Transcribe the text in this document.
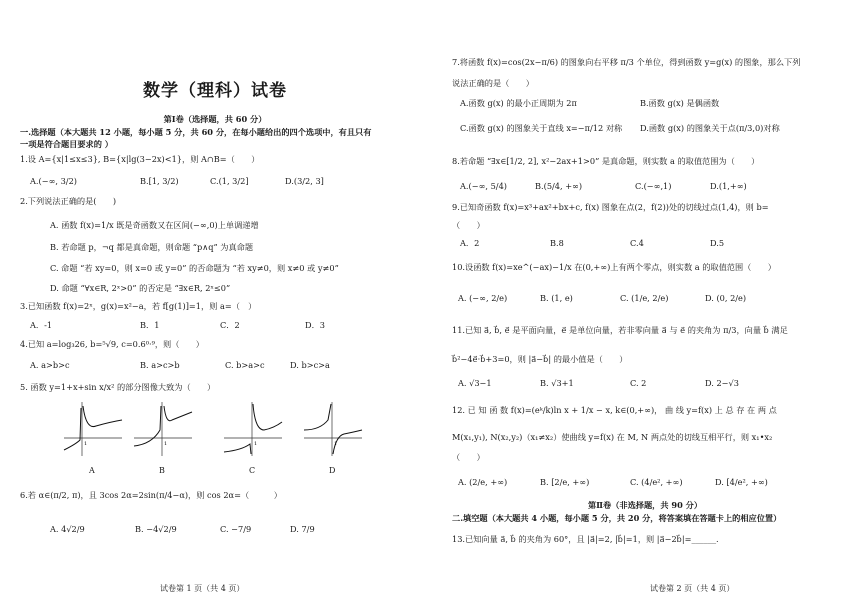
数学（理科）试卷
第Ⅰ卷（选择题，共 60 分）
一.选择题（本大题共 12 小题，每小题 5 分，共 60 分，在每小题给出的四个选项中，有且只有
一项是符合题目要求的 ）
1.设 A={x|1≤x≤3}, B={x|lg(3−2x)<1}，则 A∩B=（　　）
A.(−∞, 3/2)	B.[1, 3/2)	C.(1, 3/2]	D.(3/2, 3]
2.下列说法正确的是(　　)
A. 函数 f(x)=1/x 既是奇函数又在区间(−∞,0)上单调递增
B. 若命题 p，¬q 都是真命题，则命题 “p∧q” 为真命题
C. 命题 “若 xy=0，则 x=0 或 y=0” 的否命题为 “若 xy≠0，则 x≠0 或 y≠0”
D. 命题 “∀x∈R, 2ˣ>0” 的否定是 “∃x∈R, 2ˣ≤0”
3.已知函数 f(x)=2ˣ，g(x)=x²−a，若 f[g(1)]=1，则 a=（　）
A．-1	B．1	C．2	D．3
4.已知 a=log₃26, b=⁵√9, c=0.6⁰·⁹，则（　　）
A. a>b>c	B. a>c>b	C. b>a>c	D. b>c>a
5. 函数 y=1+x+sin x/x² 的部分图像大致为（　　）
1	1	1	1
A	B	C	D
6.若 α∈(π/2, π)，且 3cos 2α=2sin(π/4−α)，则 cos 2α=（　　　）
A. 4√2/9	B. −4√2/9	C. −7/9	D. 7/9
试卷第 1 页（共 4 页）
7.将函数 f(x)=cos(2x−π/6) 的图象向右平移 π/3 个单位，得到函数 y=g(x) 的图象，那么下列
说法正确的是（　　）
A.函数 g(x) 的最小正周期为 2π	B.函数 g(x) 是偶函数
C.函数 g(x) 的图象关于直线 x=−π/12 对称 D.函数 g(x) 的图象关于点(π/3,0)对称
8.若命题 “∃x∈[1/2, 2], x²−2ax+1>0” 是真命题，则实数 a 的取值范围为（　　）
A.(−∞, 5/4)	B.(5/4, +∞)	C.(−∞,1)	D.(1,+∞)
9.已知奇函数 f(x)=x³+ax²+bx+c, f(x) 图象在点(2，f(2))处的切线过点(1,4)，则 b=
（　　）
A．2	B.8	C.4	D.5
10.设函数 f(x)=xe^(−ax)−1/x 在(0,+∞)上有两个零点，则实数 a 的取值范围（　　）
A. (−∞, 2/e)	B. (1, e)	C. (1/e, 2/e)	D. (0, 2/e)
11.已知 a⃗, b⃗, e⃗ 是平面向量，e⃗ 是单位向量，若非零向量 a⃗ 与 e⃗ 的夹角为 π/3，向量 b⃗ 满足
b⃗²−4e⃗·b⃗+3=0，则 |a⃗−b⃗| 的最小值是（　　）
A. √3−1	B. √3+1	C. 2	D. 2−√3
12. 已 知 函 数 f(x)=(eᵏ/k)ln x + 1/x − x, k∈(0,+∞)， 曲 线 y=f(x) 上 总 存 在 两 点
M(x₁,y₁), N(x₂,y₂)（x₁≠x₂）使曲线 y=f(x) 在 M, N 两点处的切线互相平行，则 x₁•x₂
（　　）
A. (2/e, +∞)	B. [2/e, +∞)	C. (4/e², +∞)	D. [4/e², +∞)
第Ⅱ卷（非选择题，共 90 分）
二.填空题（本大题共 4 小题，每小题 5 分，共 20 分，将答案填在答题卡上的相应位置）
13.已知向量 a⃗, b⃗ 的夹角为 60°，且 |a⃗|=2, |b⃗|=1，则 |a⃗−2b⃗|=______.
试卷第 2 页（共 4 页）
